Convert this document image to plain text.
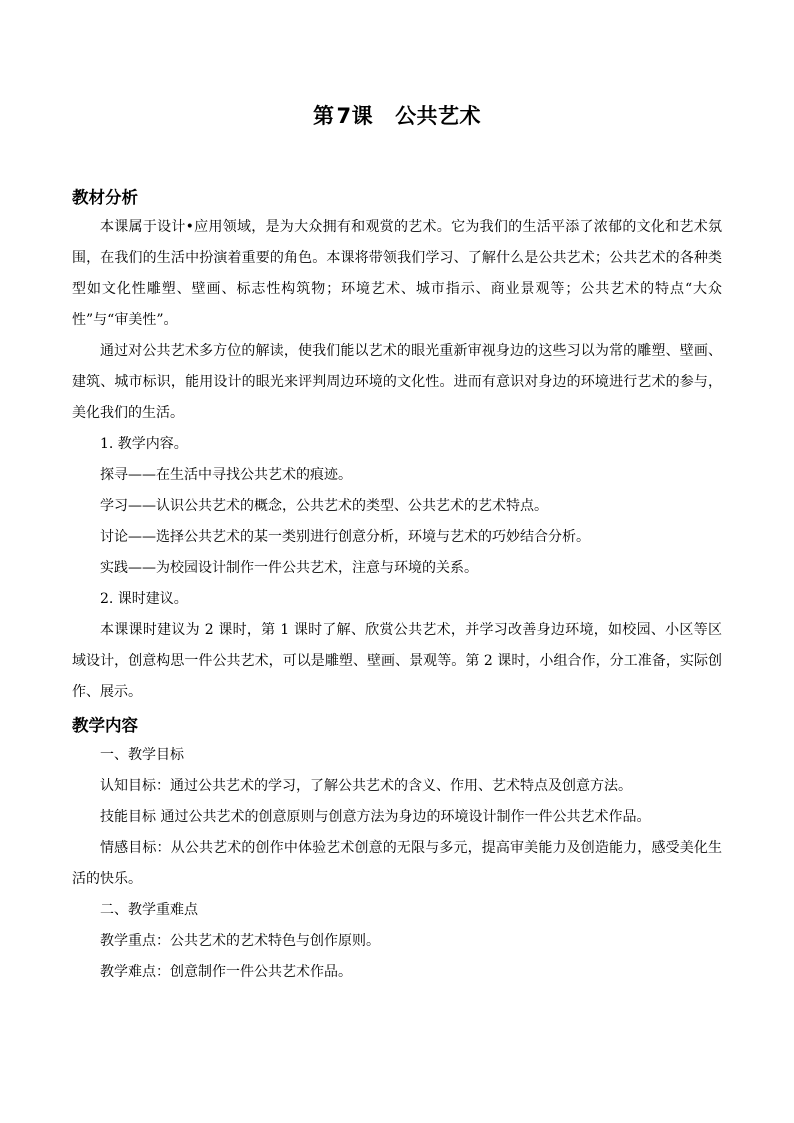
第7课 公共艺术
教材分析

本课属于设计•应用领域，是为大众拥有和观赏的艺术。它为我们的生活平添了浓郁的文化和艺术氛围，在我们的生活中扮演着重要的角色。本课将带领我们学习、了解什么是公共艺术；公共艺术的各种类型如文化性雕塑、壁画、标志性构筑物；环境艺术、城市指示、商业景观等；公共艺术的特点“大众性”与“审美性”。

通过对公共艺术多方位的解读，使我们能以艺术的眼光重新审视身边的这些习以为常的雕塑、壁画、建筑、城市标识，能用设计的眼光来评判周边环境的文化性。进而有意识对身边的环境进行艺术的参与，美化我们的生活。

1. 教学内容。

探寻——在生活中寻找公共艺术的痕迹。

学习——认识公共艺术的概念，公共艺术的类型、公共艺术的艺术特点。

讨论——选择公共艺术的某一类别进行创意分析，环境与艺术的巧妙结合分析。

实践——为校园设计制作一件公共艺术，注意与环境的关系。

2. 课时建议。

本课课时建议为 2 课时，第 1 课时了解、欣赏公共艺术，并学习改善身边环境，如校园、小区等区域设计，创意构思一件公共艺术，可以是雕塑、壁画、景观等。第 2 课时，小组合作，分工准备，实际创作、展示。

教学内容

一、教学目标

认知目标：通过公共艺术的学习，了解公共艺术的含义、作用、艺术特点及创意方法。

技能目标 通过公共艺术的创意原则与创意方法为身边的环境设计制作一件公共艺术作品。

情感目标：从公共艺术的创作中体验艺术创意的无限与多元，提高审美能力及创造能力，感受美化生活的快乐。

二、教学重难点

教学重点：公共艺术的艺术特色与创作原则。

教学难点：创意制作一件公共艺术作品。
